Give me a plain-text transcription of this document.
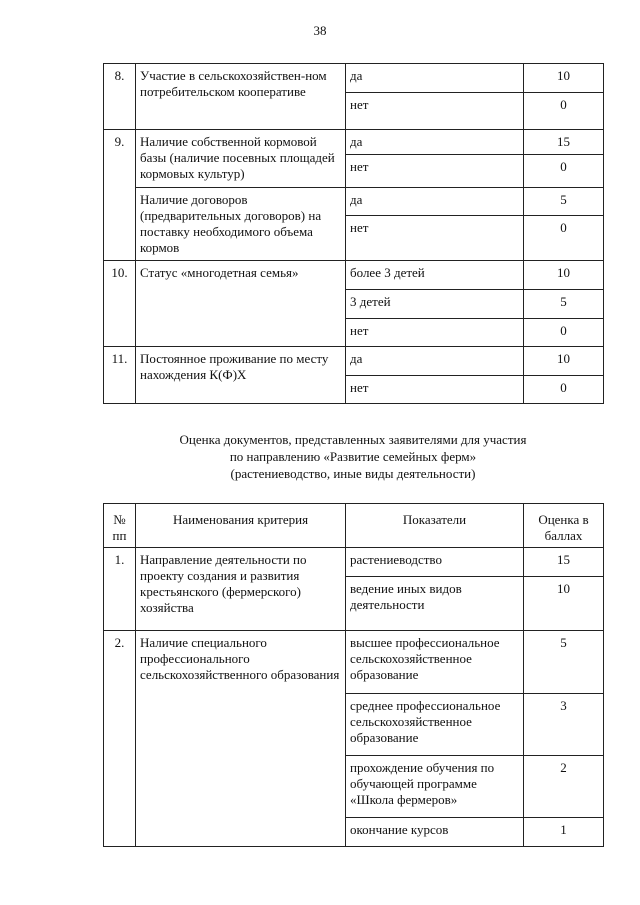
38
8.	Участие в сельскохозяйствен-ном потребительском кооперативе	да	10
		нет	0
9.	Наличие собственной кормовой базы (наличие посевных площадей кормовых культур)	да	15
		нет	0
	Наличие договоров (предварительных договоров) на поставку необходимого объема кормов	да	5
		нет	0
10.	Статус «многодетная семья»	более 3 детей	10
		3 детей	5
		нет	0
11.	Постоянное проживание по месту нахождения К(Ф)Х	да	10
		нет	0
Оценка документов, представленных заявителями для участия
по направлению «Развитие семейных ферм»
(растениеводство, иные виды деятельности)
№ пп	Наименования критерия	Показатели	Оценка в баллах
1.	Направление деятельности по проекту создания и развития крестьянского (фермерского) хозяйства	растениеводство	15
		ведение иных видов деятельности	10
2.	Наличие специального профессионального сельскохозяйственного образования	высшее профессиональное сельскохозяйственное образование	5
		среднее профессиональное сельскохозяйственное образование	3
		прохождение обучения по обучающей программе «Школа фермеров»	2
		окончание курсов	1
